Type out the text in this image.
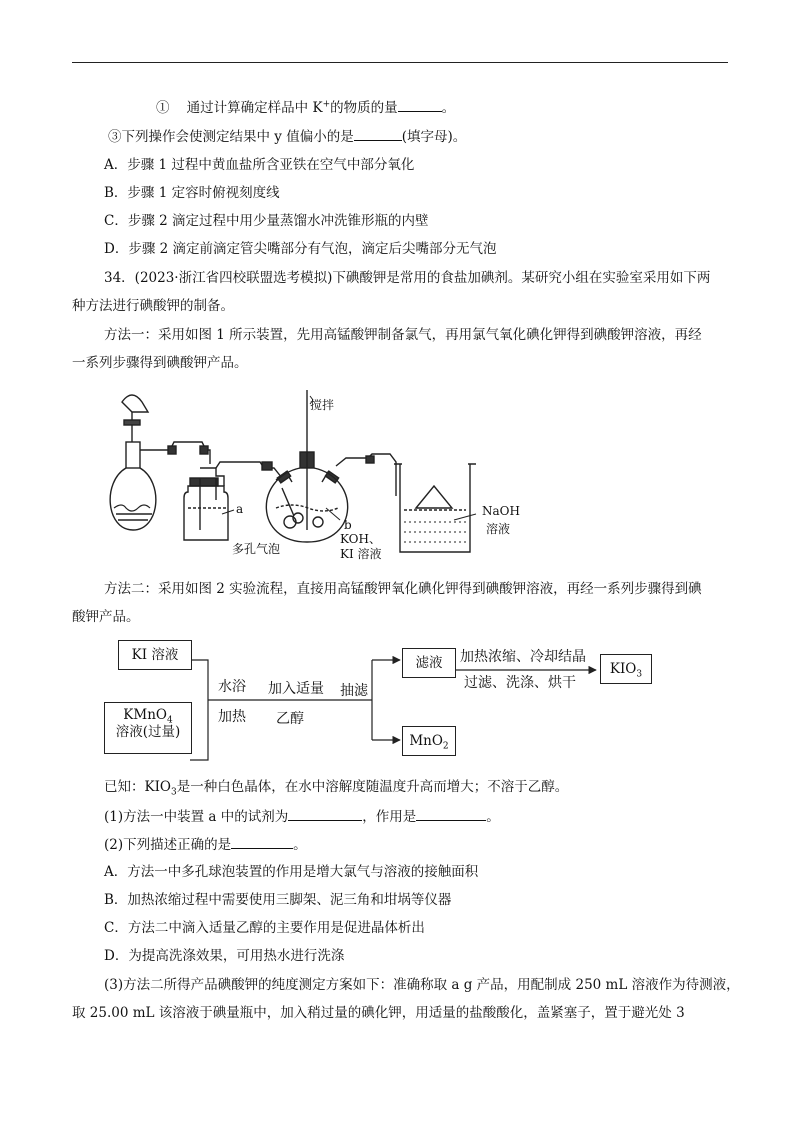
① 通过计算确定样品中 K+的物质的量	。
③下列操作会使测定结果中 y 值偏小的是	(填字母)。
A．步骤 1 过程中黄血盐所含亚铁在空气中部分氧化
B．步骤 1 定容时俯视刻度线
C．步骤 2 滴定过程中用少量蒸馏水冲洗锥形瓶的内壁
D．步骤 2 滴定前滴定管尖嘴部分有气泡，滴定后尖嘴部分无气泡
34．(2023·浙江省四校联盟选考模拟)下碘酸钾是常用的食盐加碘剂。某研究小组在实验室采用如下两
种方法进行碘酸钾的制备。
方法一：采用如图 1 所示装置，先用高锰酸钾制备氯气，再用氯气氧化碘化钾得到碘酸钾溶液，再经
一系列步骤得到碘酸钾产品。
搅拌
a
b
多孔气泡
KOH、
KI 溶液
NaOH
溶液
方法二：采用如图 2 实验流程，直接用高锰酸钾氧化碘化钾得到碘酸钾溶液，再经一系列步骤得到碘
酸钾产品。
KI 溶液
KMnO$_4$
溶液(过量)
水浴
加热
加入适量
乙醇
抽滤
滤液	加热浓缩、冷却结晶
过滤、洗涤、烘干
$KIO_3$
MnO$_2$
已知：$KIO_3$是一种白色晶体，在水中溶解度随温度升高而增大；不溶于乙醇。
(1)方法一中装置 a 中的试剂为	，作用是	。
(2)下列描述正确的是	。
A．方法一中多孔球泡装置的作用是增大氯气与溶液的接触面积
B．加热浓缩过程中需要使用三脚架、泥三角和坩埚等仪器
C．方法二中滴入适量乙醇的主要作用是促进晶体析出
D．为提高洗涤效果，可用热水进行洗涤
(3)方法二所得产品碘酸钾的纯度测定方案如下：准确称取 a g 产品，用配制成 250 mL 溶液作为待测液，
取 25.00 mL 该溶液于碘量瓶中，加入稍过量的碘化钾，用适量的盐酸酸化，盖紧塞子，置于避光处 3
